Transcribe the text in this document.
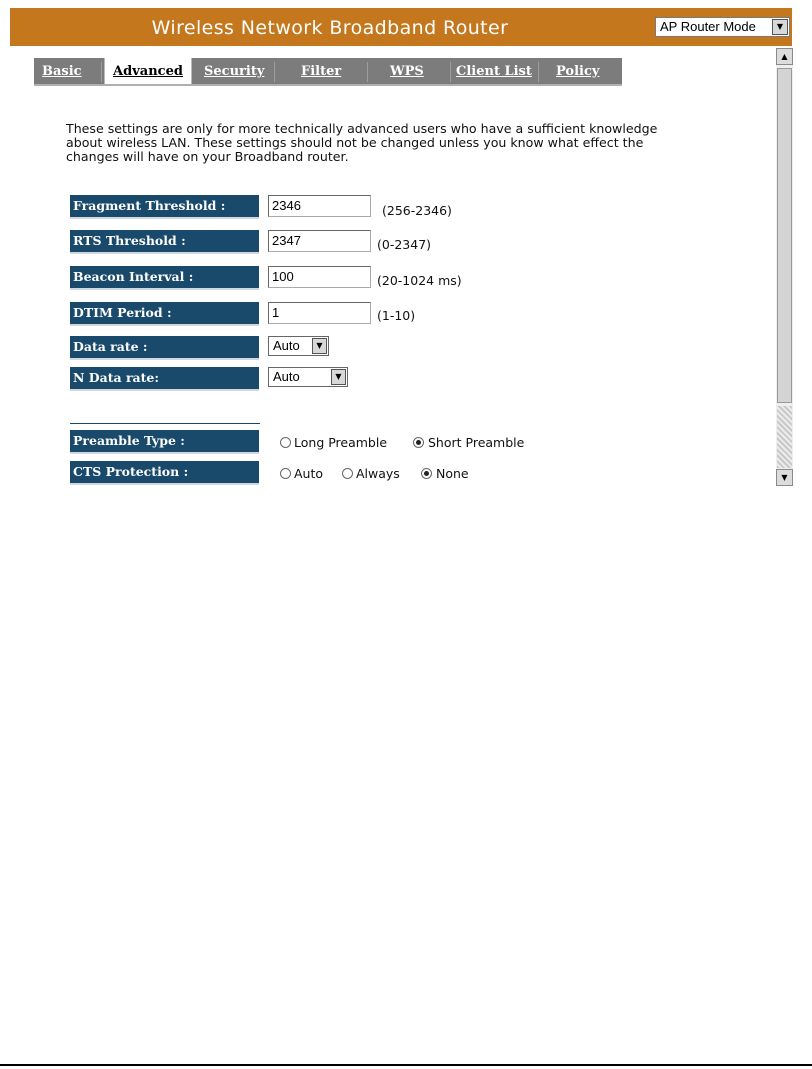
Wireless Network Broadband Router	AP Router Mode	▼
Basic	Advanced	Security	Filter	WPS Client List Policy
▲
▼
These settings are only for more technically advanced users who have a sufficient knowledge
about wireless LAN. These settings should not be changed unless you know what effect the
changes will have on your Broadband router.
Fragment Threshold :	2346	(256-2346)
RTS Threshold :	2347	(0-2347)
Beacon Interval :	100	(20-1024 ms)
DTIM Period :	1	(1-10)
Data rate :	Auto	▼
N Data rate:	Auto	▼
Preamble Type :	Long Preamble	Short Preamble
CTS Protection :	Auto	Always	None
